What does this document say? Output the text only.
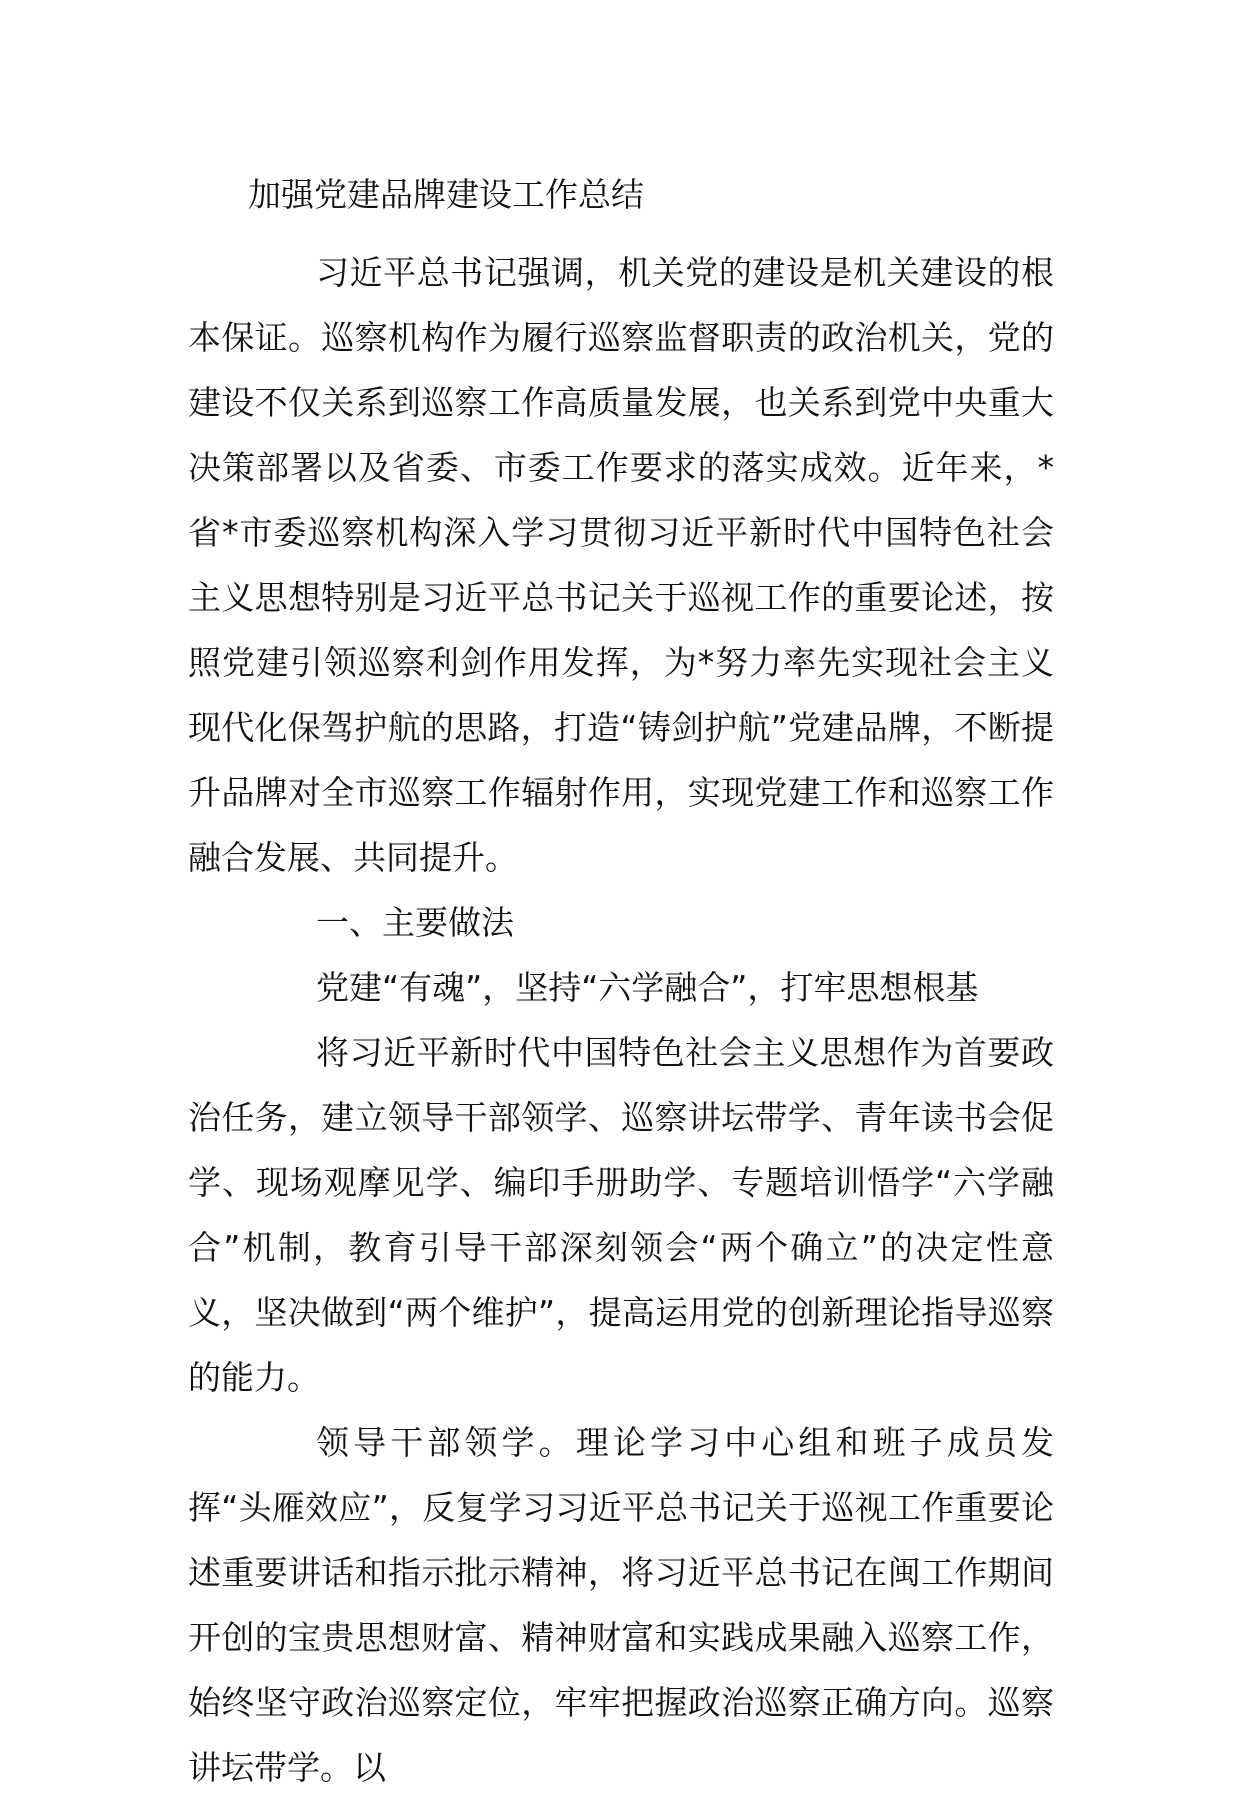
加强党建品牌建设工作总结

习近平总书记强调，机关党的建设是机关建设的根本保证。巡察机构作为履行巡察监督职责的政治机关，党的建设不仅关系到巡察工作高质量发展，也关系到党中央重大决策部署以及省委、市委工作要求的落实成效。近年来，*省*市委巡察机构深入学习贯彻习近平新时代中国特色社会主义思想特别是习近平总书记关于巡视工作的重要论述，按照党建引领巡察利剑作用发挥，为*努力率先实现社会主义现代化保驾护航的思路，打造“铸剑护航”党建品牌，不断提升品牌对全市巡察工作辐射作用，实现党建工作和巡察工作融合发展、共同提升。

一、主要做法

党建“有魂”，坚持“六学融合”，打牢思想根基

将习近平新时代中国特色社会主义思想作为首要政治任务，建立领导干部领学、巡察讲坛带学、青年读书会促学、现场观摩见学、编印手册助学、专题培训悟学“六学融合”机制，教育引导干部深刻领会“两个确立”的决定性意义，坚决做到“两个维护”，提高运用党的创新理论指导巡察的能力。

领导干部领学。理论学习中心组和班子成员发挥“头雁效应”，反复学习习近平总书记关于巡视工作重要论述重要讲话和指示批示精神，将习近平总书记在闽工作期间开创的宝贵思想财富、精神财富和实践成果融入巡察工作，始终坚守政治巡察定位，牢牢把握政治巡察正确方向。巡察讲坛带学。以
